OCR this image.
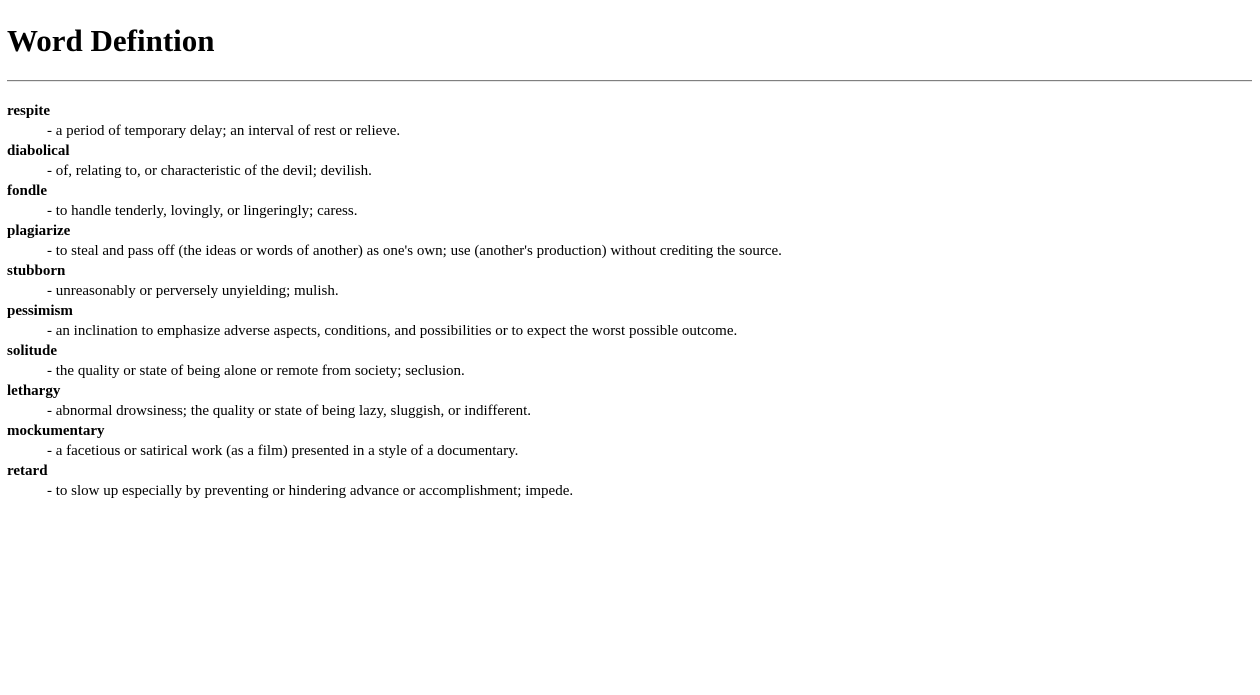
Word Defintion
respite
- a period of temporary delay; an interval of rest or relieve.
diabolical
- of, relating to, or characteristic of the devil; devilish.
fondle
- to handle tenderly, lovingly, or lingeringly; caress.
plagiarize
- to steal and pass off (the ideas or words of another) as one's own; use (another's production) without crediting the source.
stubborn
- unreasonably or perversely unyielding; mulish.
pessimism
- an inclination to emphasize adverse aspects, conditions, and possibilities or to expect the worst possible outcome.
solitude
- the quality or state of being alone or remote from society; seclusion.
lethargy
- abnormal drowsiness; the quality or state of being lazy, sluggish, or indifferent.
mockumentary
- a facetious or satirical work (as a film) presented in a style of a documentary.
retard
- to slow up especially by preventing or hindering advance or accomplishment; impede.
